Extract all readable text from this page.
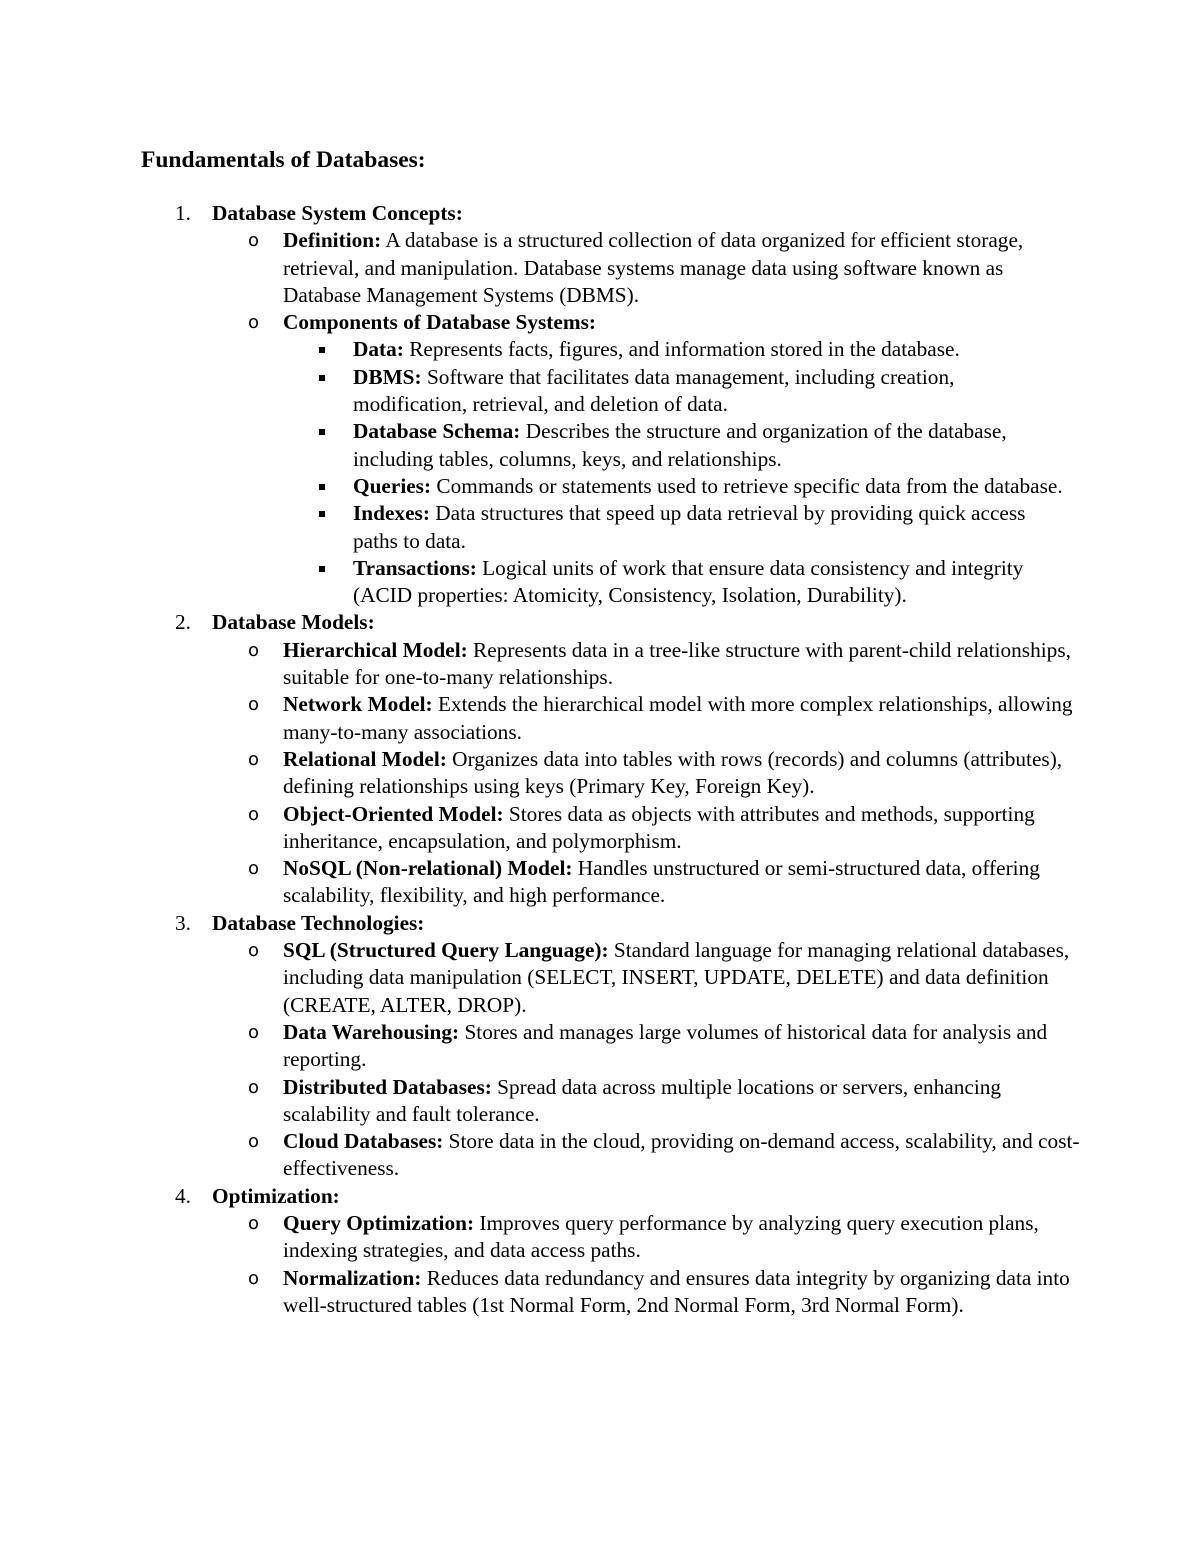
Fundamentals of Databases:
1. Database System Concepts:
o Definition: A database is a structured collection of data organized for efficient storage, retrieval, and manipulation. Database systems manage data using software known as Database Management Systems (DBMS).
o Components of Database Systems:
Data: Represents facts, figures, and information stored in the database.
DBMS: Software that facilitates data management, including creation, modification, retrieval, and deletion of data.
Database Schema: Describes the structure and organization of the database, including tables, columns, keys, and relationships.
Queries: Commands or statements used to retrieve specific data from the database.
Indexes: Data structures that speed up data retrieval by providing quick access paths to data.
Transactions: Logical units of work that ensure data consistency and integrity (ACID properties: Atomicity, Consistency, Isolation, Durability).
2. Database Models:
o Hierarchical Model: Represents data in a tree-like structure with parent-child relationships, suitable for one-to-many relationships.
o Network Model: Extends the hierarchical model with more complex relationships, allowing many-to-many associations.
o Relational Model: Organizes data into tables with rows (records) and columns (attributes), defining relationships using keys (Primary Key, Foreign Key).
o Object-Oriented Model: Stores data as objects with attributes and methods, supporting inheritance, encapsulation, and polymorphism.
o NoSQL (Non-relational) Model: Handles unstructured or semi-structured data, offering scalability, flexibility, and high performance.
3. Database Technologies:
o SQL (Structured Query Language): Standard language for managing relational databases, including data manipulation (SELECT, INSERT, UPDATE, DELETE) and data definition (CREATE, ALTER, DROP).
o Data Warehousing: Stores and manages large volumes of historical data for analysis and reporting.
o Distributed Databases: Spread data across multiple locations or servers, enhancing scalability and fault tolerance.
o Cloud Databases: Store data in the cloud, providing on-demand access, scalability, and cost-effectiveness.
4. Optimization:
o Query Optimization: Improves query performance by analyzing query execution plans, indexing strategies, and data access paths.
o Normalization: Reduces data redundancy and ensures data integrity by organizing data into well-structured tables (1st Normal Form, 2nd Normal Form, 3rd Normal Form).
